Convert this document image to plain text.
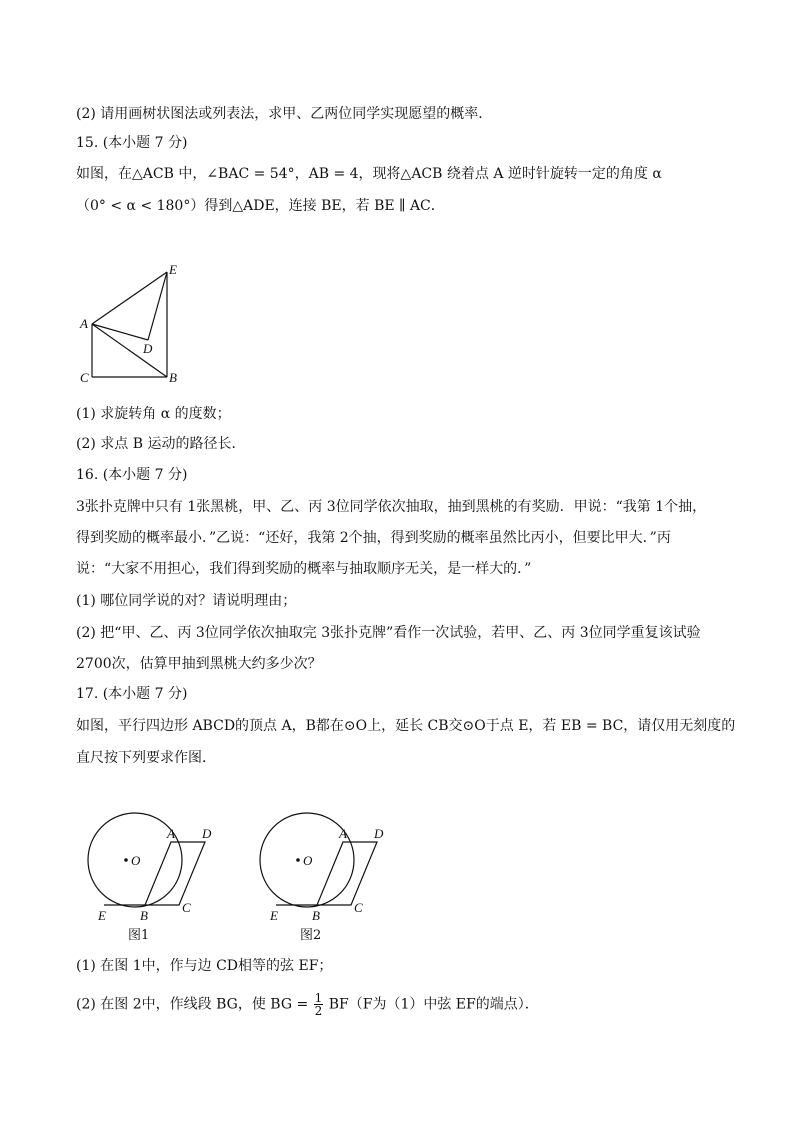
(2) 请用画树状图法或列表法，求甲、乙两位同学实现愿望的概率．
15. (本小题 7 分)
如图，在△ACB 中，∠BAC = 54°，AB = 4，现将△ACB 绕着点 A 逆时针旋转一定的角度 α
（0° < α < 180°）得到△ADE，连接 BE，若 BE ∥ AC．
A
B
C
D
E
(1) 求旋转角 α 的度数；
(2) 求点 B 运动的路径长．
16. (本小题 7 分)
3张扑克牌中只有 1张黑桃，甲、乙、丙 3位同学依次抽取，抽到黑桃的有奖励．甲说：“我第 1个抽，
得到奖励的概率最小．”乙说：“还好，我第 2个抽，得到奖励的概率虽然比丙小，但要比甲大．”丙
说：“大家不用担心，我们得到奖励的概率与抽取顺序无关，是一样大的．”
(1) 哪位同学说的对？请说明理由；
(2) 把“甲、乙、丙 3位同学依次抽取完 3张扑克牌”看作一次试验，若甲、乙、丙 3位同学重复该试验
2700次，估算甲抽到黑桃大约多少次？
17. (本小题 7 分)
如图，平行四边形 ABCD的顶点 A，B都在⊙O上，延长 CB交⊙O于点 E，若 EB = BC，请仅用无刻度的
直尺按下列要求作图．
O
A
B
C
D
E
图1
O
A
B
C
D
E
图2
(1) 在图 1中，作与边 CD相等的弦 EF；
(2) 在图 2中，作线段 BG，使 BG = $\frac{1}{2} BF(F$为（1）中弦 EF的端点）．
